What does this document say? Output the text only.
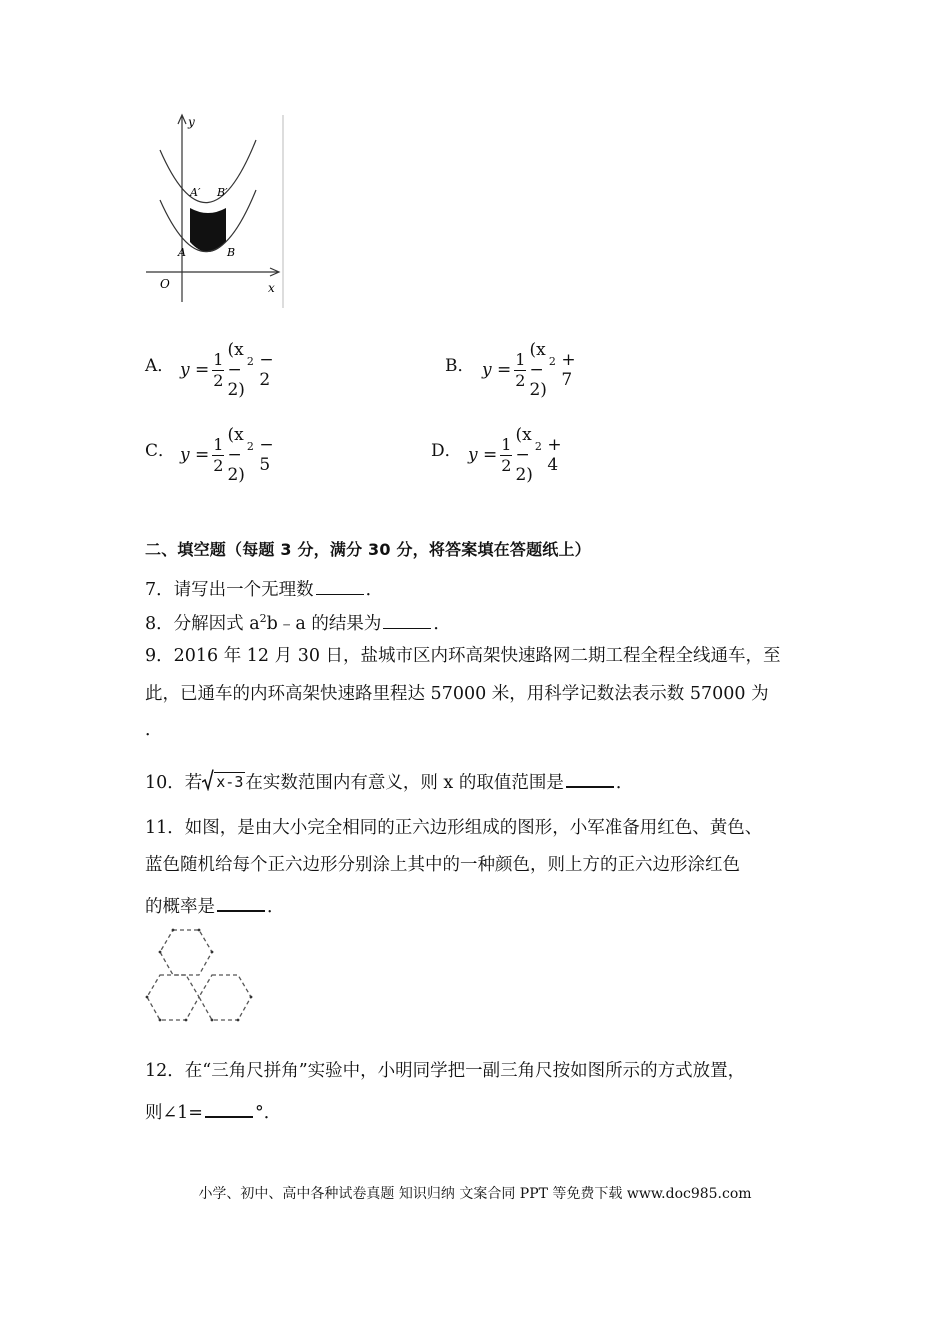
y
x
O
A	B
A′ B′
A． y
= $\frac{1}{2}$
(x − 2)
2
− 2
B． y
= $\frac{1}{2}$
(x − 2)
2
+ 7
C． y
= $\frac{1}{2}$
(x − 2)
2
− 5
D． y
= $\frac{1}{2}$
(x − 2)
2
+ 4
二、填空题（每题 3 分，满分 30 分，将答案填在答题纸上）
7．请写出一个无理数	．
8．分解因式 $a^2b﹣a$ 的结果为	．
9．2016 年 12 月 30 日，盐城市区内环高架快速路网二期工程全程全线通车，至
此，已通车的内环高架快速路里程达 57000 米，用科学记数法表示数 57000 为
．
10．若 x-3 在实数范围内有意义，则 x 的取值范围是	．
11．如图，是由大小完全相同的正六边形组成的图形，小军准备用红色、黄色、
蓝色随机给每个正六边形分别涂上其中的一种颜色，则上方的正六边形涂红色
的概率是	．
12．在“三角尺拼角”实验中，小明同学把一副三角尺按如图所示的方式放置，
则∠1=	°．
小学、初中、高中各种试卷真题 知识归纳 文案合同 PPT 等免费下载 www.doc985.com
